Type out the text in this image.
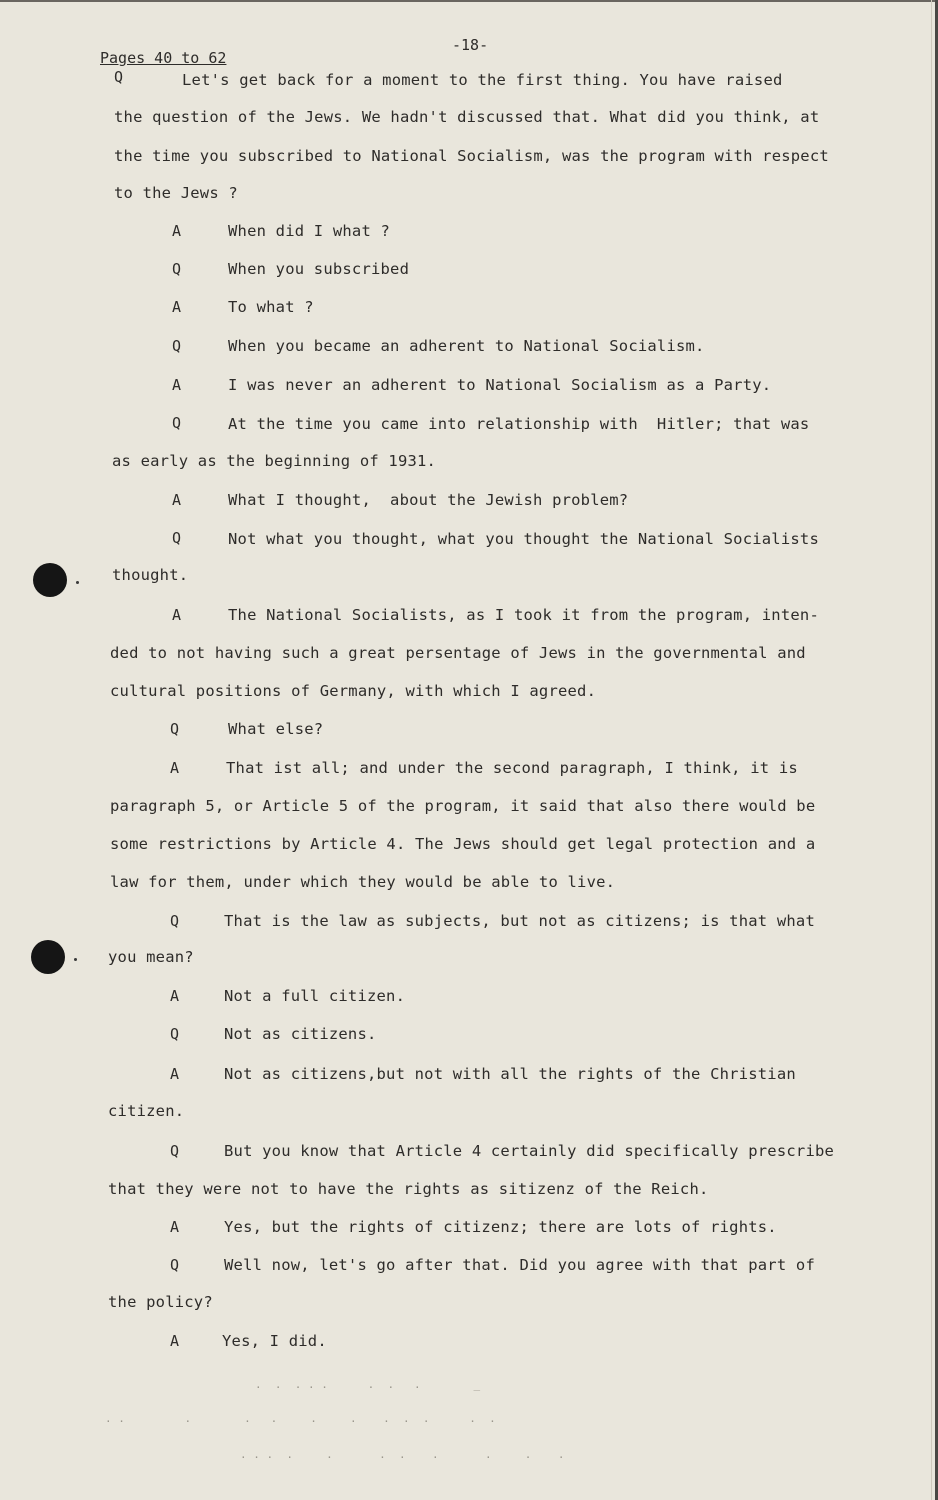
-18-
Pages 40 to 62
Q	Let's get back for a moment to the first thing. You have raised
the question of the Jews. We hadn't discussed that. What did you think, at
the time you subscribed to National Socialism, was the program with respect
to the Jews ?
A	When did I what ?
Q	When you subscribed
A	To what ?
Q	When you became an adherent to National Socialism.
A	I was never an adherent to National Socialism as a Party.
Q	At the time you came into relationship with  Hitler; that was
as early as the beginning of 1931.
A	What I thought,  about the Jewish problem?
Q	Not what you thought, what you thought the National Socialists
thought.
A	The National Socialists, as I took it from the program, inten-
ded to not having such a great persentage of Jews in the governmental and
cultural positions of Germany, with which I agreed.
Q	What else?
A	That ist all; and under the second paragraph, I think, it is
paragraph 5, or Article 5 of the program, it said that also there would be
some restrictions by Article 4. The Jews should get legal protection and a
law for them, under which they would be able to live.
Q	That is the law as subjects, but not as citizens; is that what
you mean?
A	Not a full citizen.
Q	Not as citizens.
A	Not as citizens,but not with all the rights of the Christian
citizen.
Q	But you know that Article 4 certainly did specifically prescribe
that they were not to have the rights as sitizenz of the Reich.
A	Yes, but the rights of citizenz; there are lots of rights.
Q	Well now, let's go after that. Did you agree with that part of
the policy?
A	Yes, I did.
.  .  . . .      .  .   .        _
. .         .        .   .     .     .    .  .  .      .  .
. . .  .     .       .  .    .       .     .    .
